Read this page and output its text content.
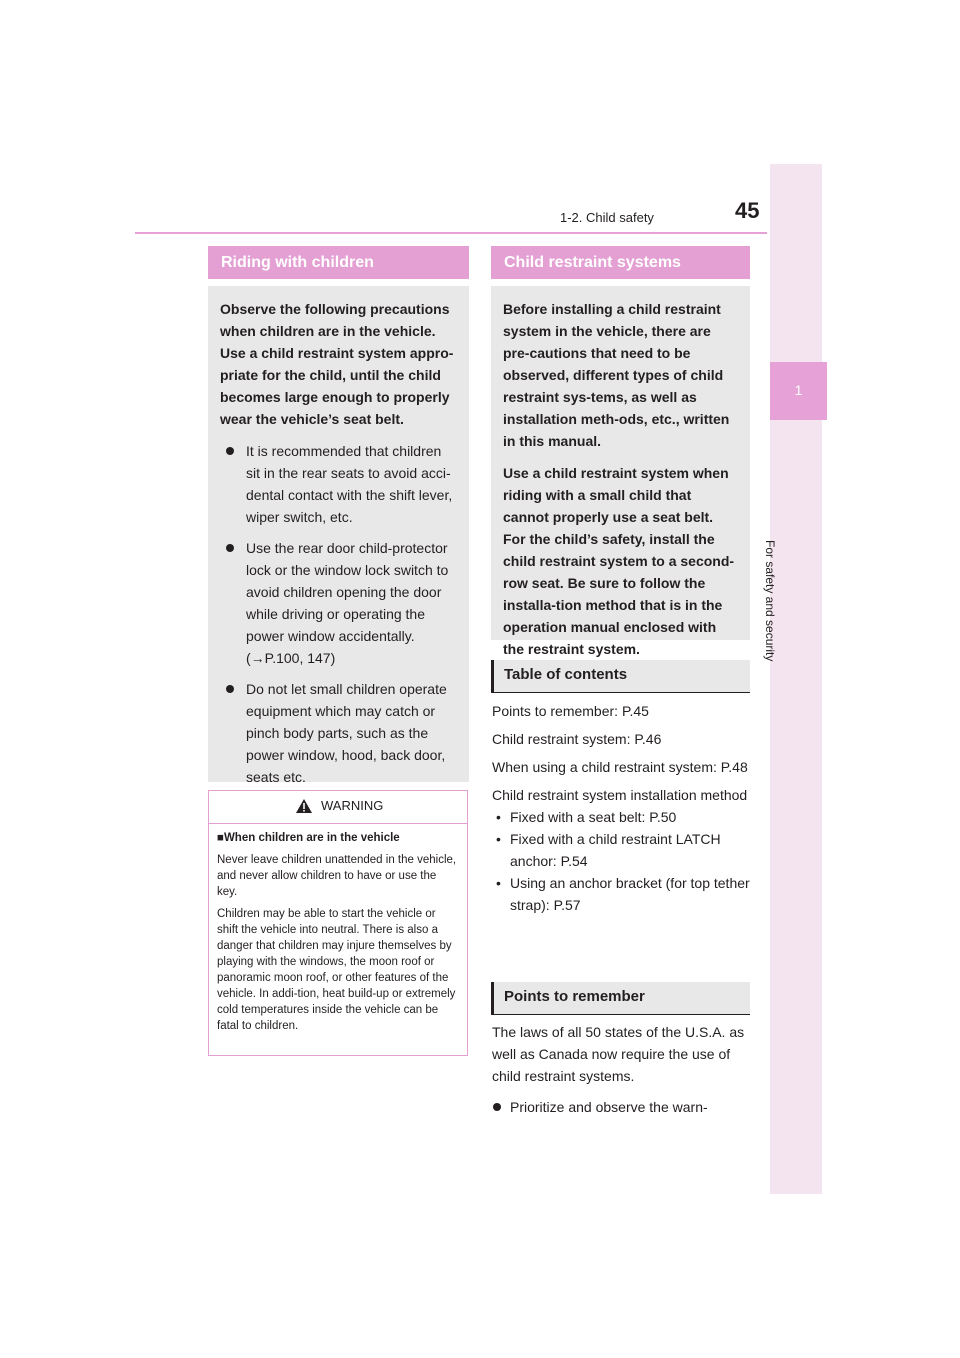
1-2. Child safety	45
1
For safety and security
Riding with children

Observe the following precautions when children are in the vehicle. Use a child restraint system appro-priate for the child, until the child becomes large enough to properly wear the vehicle’s seat belt.

It is recommended that children sit in the rear seats to avoid acci-dental contact with the shift lever, wiper switch, etc.
Use the rear door child-protector lock or the window lock switch to avoid children opening the door while driving or operating the power window accidentally. (→P.100, 147)
Do not let small children operate equipment which may catch or pinch body parts, such as the power window, hood, back door, seats etc.
WARNING

■When children are in the vehicle

Never leave children unattended in the vehicle, and never allow children to have or use the key.

Children may be able to start the vehicle or shift the vehicle into neutral. There is also a danger that children may injure themselves by playing with the windows, the moon roof or panoramic moon roof, or other features of the vehicle. In addi-tion, heat build-up or extremely cold temperatures inside the vehicle can be fatal to children.

Child restraint systems

Before installing a child restraint system in the vehicle, there are pre-cautions that need to be observed, different types of child restraint sys-tems, as well as installation meth-ods, etc., written in this manual.

Use a child restraint system when riding with a small child that cannot properly use a seat belt. For the child’s safety, install the child restraint system to a second-row seat. Be sure to follow the installa-tion method that is in the operation manual enclosed with the restraint system.

Table of contents

Points to remember: P.45

Child restraint system: P.46

When using a child restraint system: P.48

Child restraint system installation method

• Fixed with a seat belt: P.50
• Fixed with a child restraint LATCH anchor: P.54
• Using an anchor bracket (for top tether strap): P.57
Points to remember

The laws of all 50 states of the U.S.A. as well as Canada now require the use of child restraint systems.

Prioritize and observe the warn-
